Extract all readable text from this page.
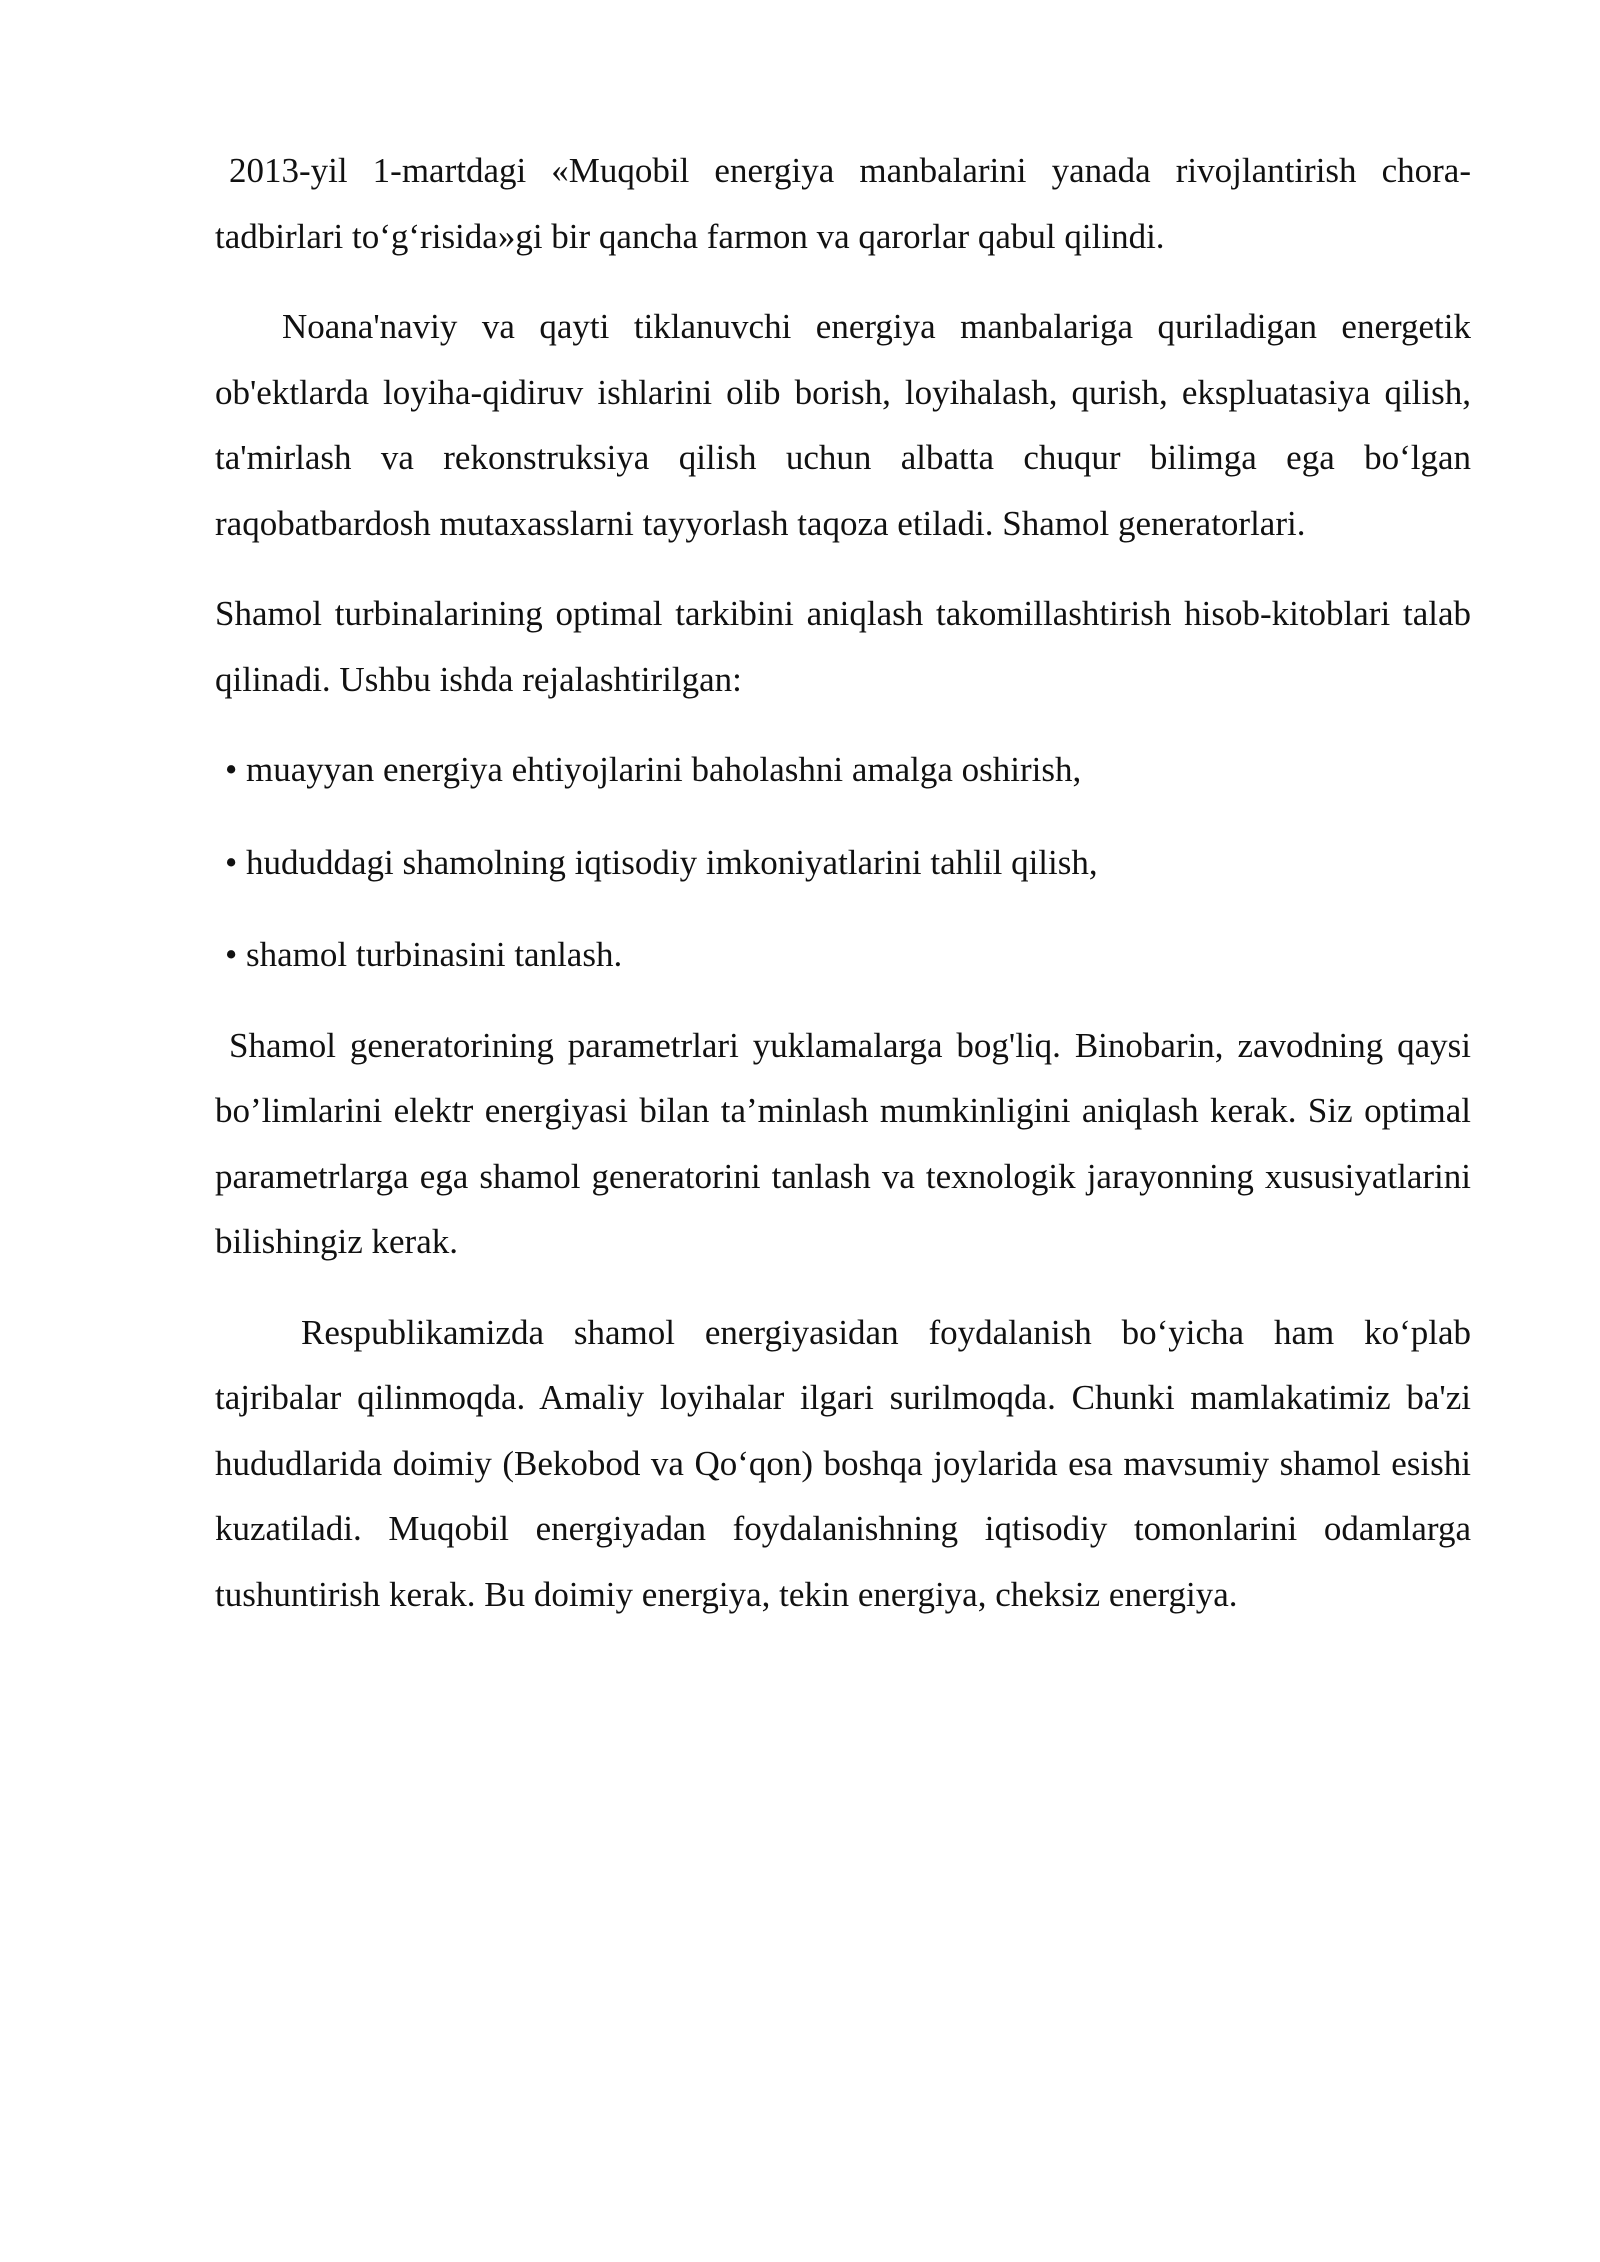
2013-yil 1-martdagi «Muqobil energiya manbalarini yanada rivojlantirish chora-tadbirlari to‘g‘risida»gi bir qancha farmon va qarorlar qabul qilindi.

Noana'naviy va qayti tiklanuvchi energiya manbalariga quriladigan energetik ob'ektlarda loyiha-qidiruv ishlarini olib borish, loyihalash, qurish, ekspluatasiya qilish, ta'mirlash va rekonstruksiya qilish uchun albatta chuqur bilimga ega bo‘lgan raqobatbardosh mutaxasslarni tayyorlash taqoza etiladi. Shamol generatorlari.

Shamol turbinalarining optimal tarkibini aniqlash takomillashtirish hisob-kitoblari talab qilinadi. Ushbu ishda rejalashtirilgan:

• muayyan energiya ehtiyojlarini baholashni amalga oshirish,

• hududdagi shamolning iqtisodiy imkoniyatlarini tahlil qilish,

• shamol turbinasini tanlash.

Shamol generatorining parametrlari yuklamalarga bog'liq. Binobarin, zavodning qaysi bo’limlarini elektr energiyasi bilan ta’minlash mumkinligini aniqlash kerak. Siz optimal parametrlarga ega shamol generatorini tanlash va texnologik jarayonning xususiyatlarini bilishingiz kerak.

Respublikamizda shamol energiyasidan foydalanish bo‘yicha ham ko‘plab tajribalar qilinmoqda. Amaliy loyihalar ilgari surilmoqda. Chunki mamlakatimiz ba'zi hududlarida doimiy (Bekobod va Qo‘qon) boshqa joylarida esa mavsumiy shamol esishi kuzatiladi. Muqobil energiyadan foydalanishning iqtisodiy tomonlarini odamlarga tushuntirish kerak. Bu doimiy energiya, tekin energiya, cheksiz energiya.
